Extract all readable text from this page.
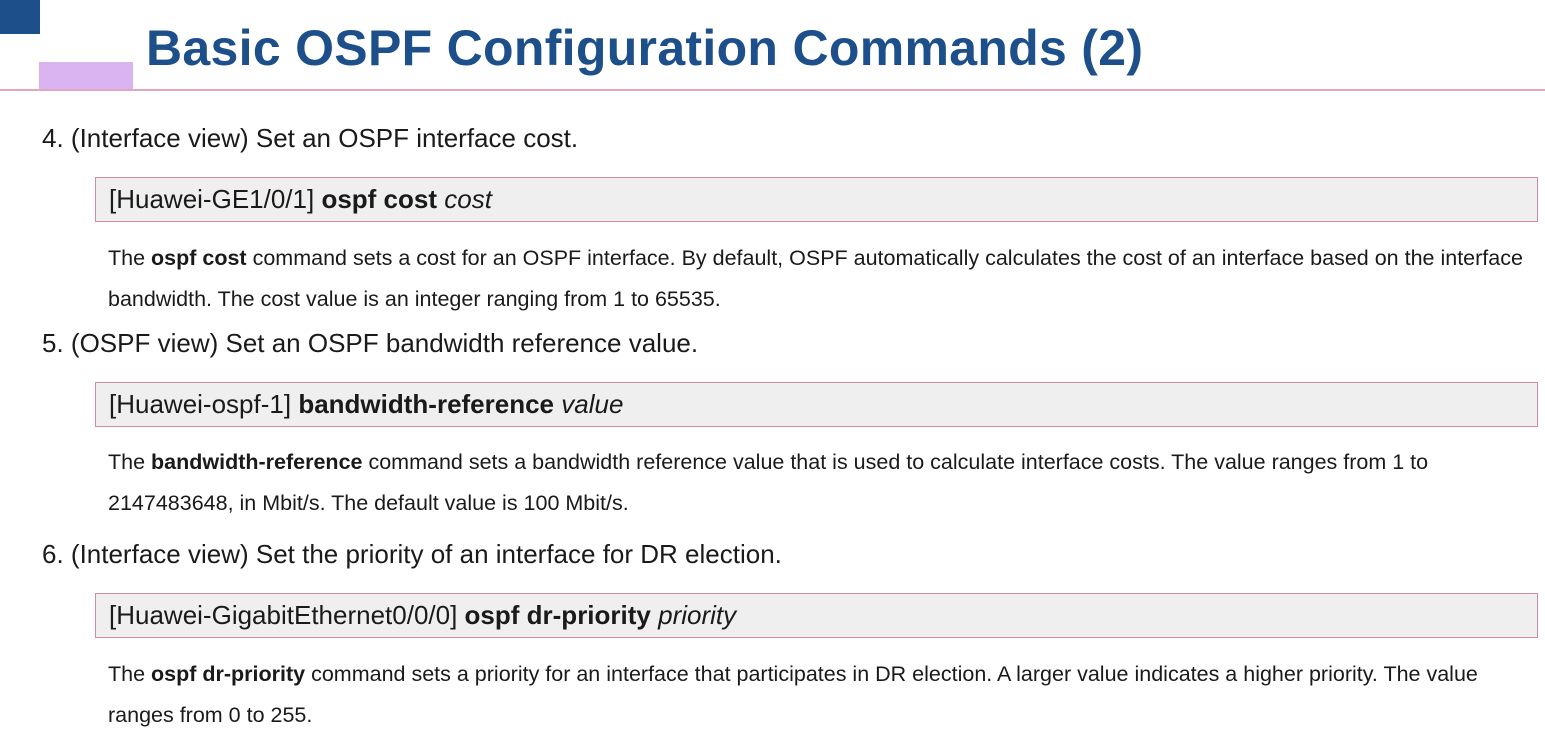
Basic OSPF Configuration Commands (2)
4. (Interface view) Set an OSPF interface cost.
[Huawei-GE1/0/1] ospf cost cost

The ospf cost command sets a cost for an OSPF interface. By default, OSPF automatically calculates the cost of an interface based on the interface bandwidth. The cost value is an integer ranging from 1 to 65535.

5. (OSPF view) Set an OSPF bandwidth reference value.
[Huawei-ospf-1] bandwidth-reference value

The bandwidth-reference command sets a bandwidth reference value that is used to calculate interface costs. The value ranges from 1 to 2147483648, in Mbit/s. The default value is 100 Mbit/s.

6. (Interface view) Set the priority of an interface for DR election.
[Huawei-GigabitEthernet0/0/0] ospf dr-priority priority

The ospf dr-priority command sets a priority for an interface that participates in DR election. A larger value indicates a higher priority. The value ranges from 0 to 255.
